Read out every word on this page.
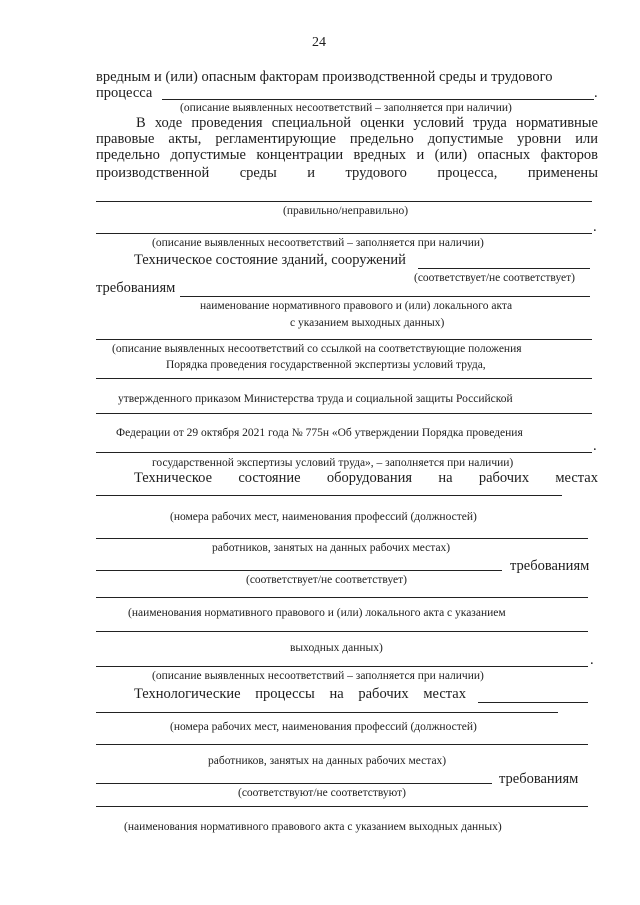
24
вредным и (или) опасным факторам производственной среды и трудового
процесса	.
(описание выявленных несоответствий – заполняется при наличии)
В ходе проведения специальной оценки условий труда нормативные
правовые акты, регламентирующие предельно допустимые уровни или
предельно допустимые концентрации вредных и (или) опасных факторов
производственной среды и трудового процесса, применены
(правильно/неправильно)
.
(описание выявленных несоответствий – заполняется при наличии)
Техническое состояние зданий, сооружений
(соответствует/не соответствует)
требованиям
наименование нормативного правового и (или) локального акта
с указанием выходных данных)
(описание выявленных несоответствий со ссылкой на соответствующие положения
Порядка проведения государственной экспертизы условий труда,
утвержденного приказом Министерства труда и социальной защиты Российской
Федерации от 29 октября 2021 года № 775н «Об утверждении Порядка проведения
.
государственной экспертизы условий труда», – заполняется при наличии)
Техническое состояние оборудования на рабочих местах
(номера рабочих мест, наименования профессий (должностей)
работников, занятых на данных рабочих местах)
требованиям
(соответствует/не соответствует)
(наименования нормативного правового и (или) локального акта с указанием
выходных данных)
.
(описание выявленных несоответствий – заполняется при наличии)
Технологические процессы на рабочих местах
(номера рабочих мест, наименования профессий (должностей)
работников, занятых на данных рабочих местах)
требованиям
(соответствуют/не соответствуют)
(наименования нормативного правового акта с указанием выходных данных)
